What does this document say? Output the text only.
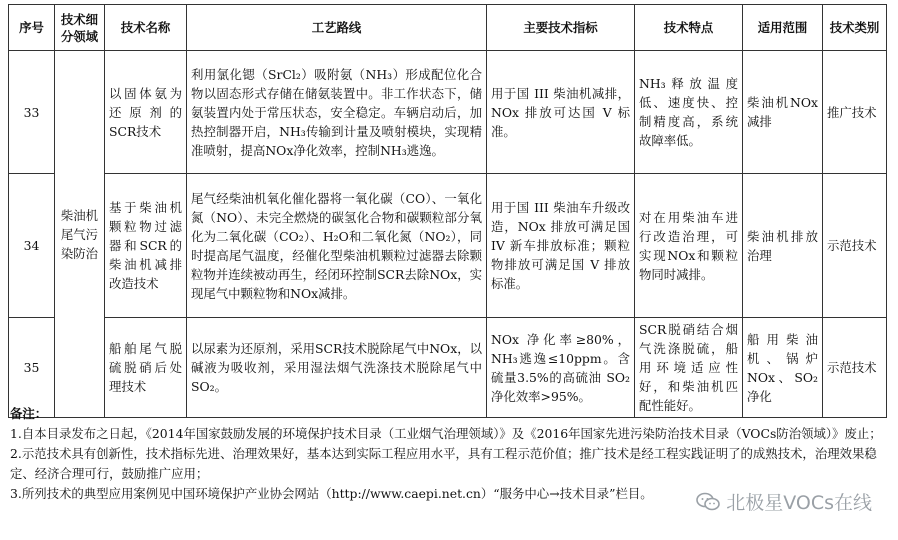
序号	技术细分领域	技术名称	工艺路线	主要技术指标	技术特点	适用范围	技术类别
33	柴油机尾气污染防治	以固体氨为还原剂的SCR技术	利用氯化锶（SrCl₂）吸附氨（NH₃）形成配位化合物以固态形式存储在储氨装置中。非工作状态下，储氨装置内处于常压状态，安全稳定。车辆启动后，加热控制器开启，NH₃传输到计量及喷射模块，实现精准喷射，提高NOx净化效率，控制NH₃逃逸。	用于国 III 柴油机减排，NOx 排放可达国 V 标准。	NH₃释放温度低、速度快、控制精度高，系统故障率低。	柴油机NOx减排	推广技术
34		基于柴油机颗粒物过滤器和SCR的柴油机减排改造技术	尾气经柴油机氧化催化器将一氧化碳（CO）、一氧化氮（NO）、未完全燃烧的碳氢化合物和碳颗粒部分氧化为二氧化碳（CO₂）、H₂O和二氧化氮（NO₂），同时提高尾气温度，经催化型柴油机颗粒过滤器去除颗粒物并连续被动再生，经闭环控制SCR去除NOx，实现尾气中颗粒物和NOx减排。	用于国 III 柴油车升级改造，NOx 排放可满足国 IV 新车排放标准；颗粒物排放可满足国 V 排放标准。	对在用柴油车进行改造治理，可实现NOx和颗粒物同时减排。	柴油机排放治理	示范技术
35		船舶尾气脱硫脱硝后处理技术	以尿素为还原剂，采用SCR技术脱除尾气中NOx，以碱液为吸收剂，采用湿法烟气洗涤技术脱除尾气中SO₂。	NOx 净化率≥80%，NH₃逃逸≤10ppm。含硫量3.5%的高硫油 SO₂净化效率>95%。	SCR脱硝结合烟气洗涤脱硫，船用环境适应性好，和柴油机匹配性能好。	船用柴油机、锅炉NOx、SO₂净化	示范技术
备注：
1.自本目录发布之日起，《2014年国家鼓励发展的环境保护技术目录（工业烟气治理领域）》及《2016年国家先进污染防治技术目录（VOCs防治领域）》废止；
2.示范技术具有创新性，技术指标先进、治理效果好，基本达到实际工程应用水平，具有工程示范价值；推广技术是经工程实践证明了的成熟技术，治理效果稳定、经济合理可行，鼓励推广应用；
3.所列技术的典型应用案例见中国环境保护产业协会网站（http://www.caepi.net.cn）“服务中心→技术目录”栏目。	北极星VOCs在线
